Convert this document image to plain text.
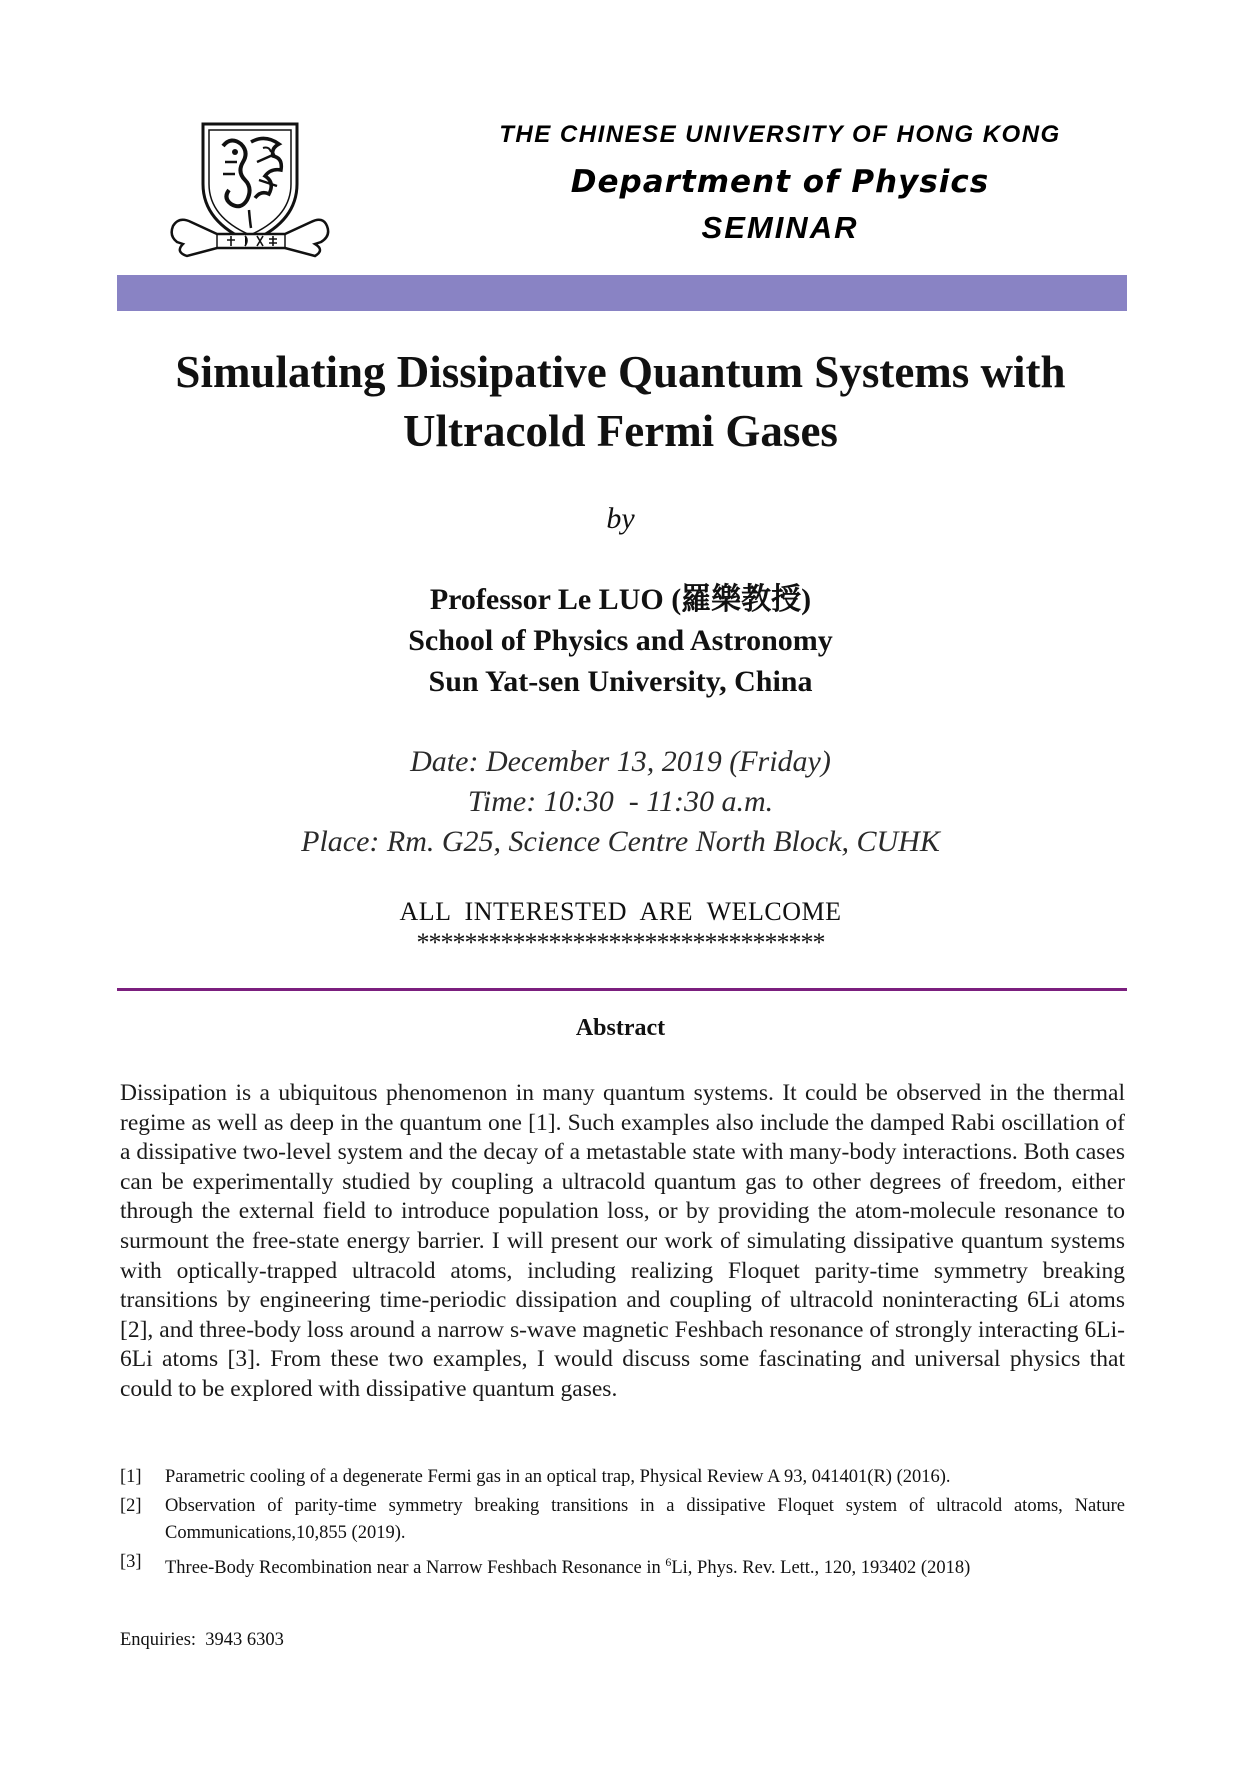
THE CHINESE UNIVERSITY OF HONG KONG
Department of Physics
SEMINAR
Simulating Dissipative Quantum Systems with Ultracold Fermi Gases
by
Professor Le LUO (羅樂教授)
School of Physics and Astronomy
Sun Yat-sen University, China
Date: December 13, 2019 (Friday)
Time: 10:30  - 11:30 a.m.
Place: Rm. G25, Science Centre North Block, CUHK
ALL  INTERESTED  ARE  WELCOME
**********************************
Abstract

Dissipation is a ubiquitous phenomenon in many quantum systems. It could be observed in the thermal regime as well as deep in the quantum one [1]. Such examples also include the damped Rabi oscillation of a dissipative two-level system and the decay of a metastable state with many-body interactions. Both cases can be experimentally studied by coupling a ultracold quantum gas to other degrees of freedom, either through the external field to introduce population loss, or by providing the atom-molecule resonance to surmount the free-state energy barrier. I will present our work of simulating dissipative quantum systems with optically-trapped ultracold atoms, including realizing Floquet parity-time symmetry breaking transitions by engineering time-periodic dissipation and coupling of ultracold noninteracting 6Li atoms [2], and three-body loss around a narrow s-wave magnetic Feshbach resonance of strongly interacting 6Li-6Li atoms [3]. From these two examples, I would discuss some fascinating and universal physics that could to be explored with dissipative quantum gases.

[1]	Parametric cooling of a degenerate Fermi gas in an optical trap, Physical Review A 93, 041401(R) (2016).
[2]	Observation of parity-time symmetry breaking transitions in a dissipative Floquet system of ultracold atoms, Nature Communications,10,855 (2019).
[3]	Three-Body Recombination near a Narrow Feshbach Resonance in $^6$Li, Phys. Rev. Lett., 120, 193402 (2018)
Enquiries:  3943 6303
